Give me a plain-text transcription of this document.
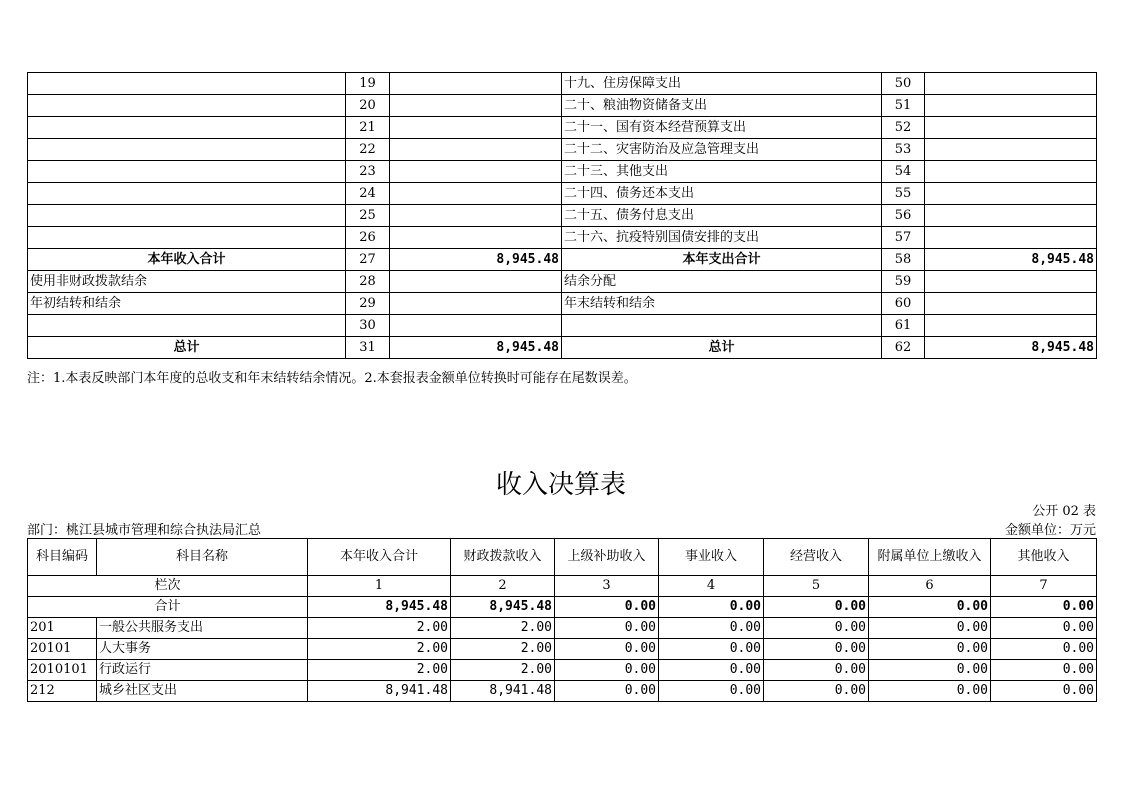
	19		十九、住房保障支出	50	
	20		二十、粮油物资储备支出	51	
	21		二十一、国有资本经营预算支出	52	
	22		二十二、灾害防治及应急管理支出	53	
	23		二十三、其他支出	54	
	24		二十四、债务还本支出	55	
	25		二十五、债务付息支出	56	
	26		二十六、抗疫特别国债安排的支出	57	
本年收入合计	27	8,945.48	本年支出合计	58	8,945.48
使用非财政拨款结余	28		结余分配	59	
年初结转和结余	29		年末结转和结余	60	
	30			61	
总计	31	8,945.48	总计	62	8,945.48
注：1.本表反映部门本年度的总收支和年末结转结余情况。2.本套报表金额单位转换时可能存在尾数误差。
收入决算表
公开 02 表
部门：桃江县城市管理和综合执法局汇总	金额单位：万元
科目编码	科目名称	本年收入合计	财政拨款收入	上级补助收入	事业收入	经营收入	附属单位上缴收入	其他收入
栏次		1	2	3	4	5	6	7
合计		8,945.48	8,945.48	0.00	0.00	0.00	0.00	0.00
201	一般公共服务支出	2.00	2.00	0.00	0.00	0.00	0.00	0.00
20101	人大事务	2.00	2.00	0.00	0.00	0.00	0.00	0.00
2010101	行政运行	2.00	2.00	0.00	0.00	0.00	0.00	0.00
212	城乡社区支出	8,941.48	8,941.48	0.00	0.00	0.00	0.00	0.00
